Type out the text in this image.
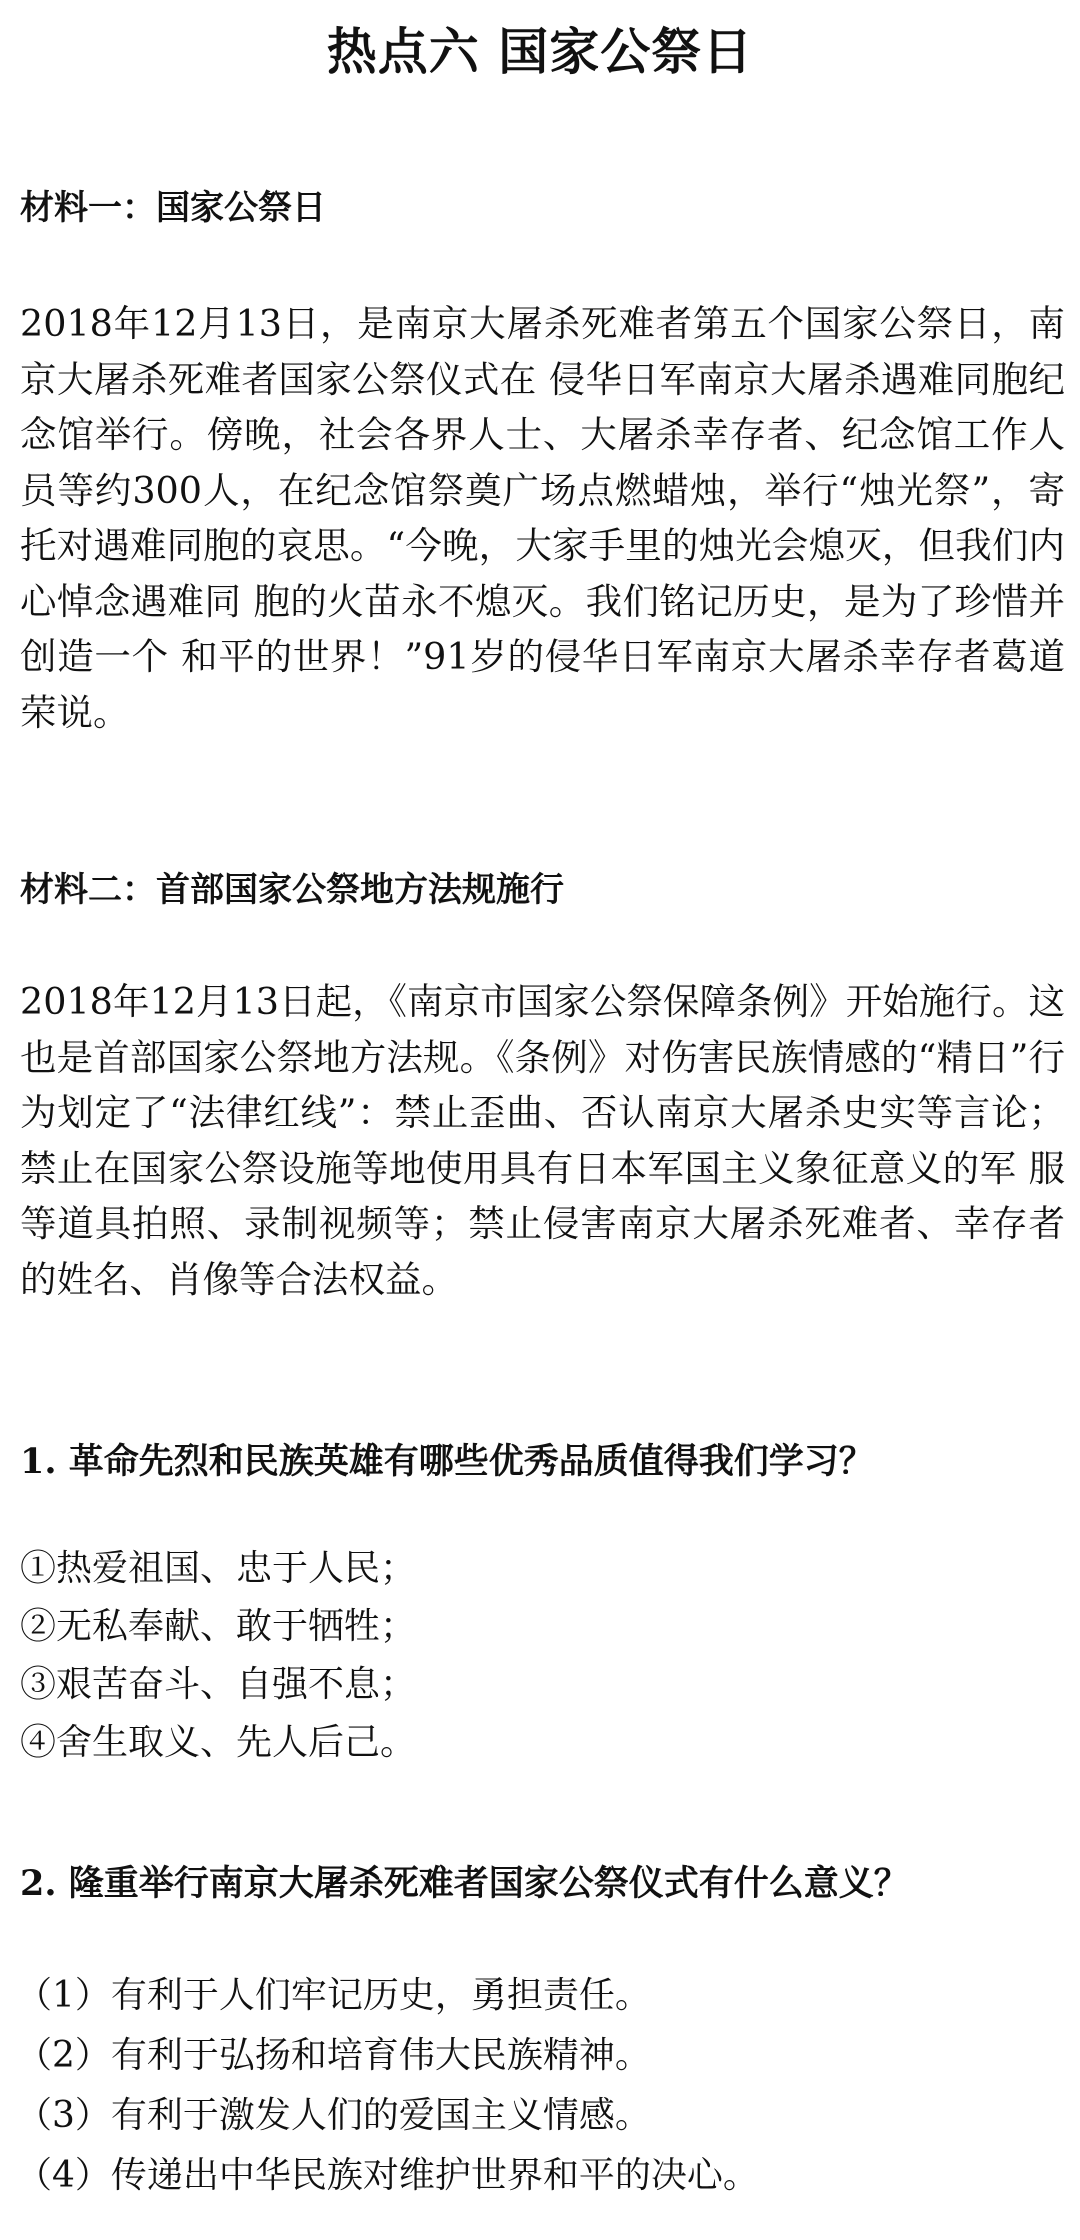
热点六 国家公祭日
材料一：国家公祭日
2018年12月13日，是南京大屠杀死难者第五个国家公祭日，南京大屠杀死难者国家公祭仪式在 侵华日军南京大屠杀遇难同胞纪念馆举行。傍晚，社会各界人士、大屠杀幸存者、纪念馆工作人员等约300人，在纪念馆祭奠广场点燃蜡烛，举行“烛光祭”，寄托对遇难同胞的哀思。“今晚，大家手里的烛光会熄灭，但我们内心悼念遇难同 胞的火苗永不熄灭。我们铭记历史，是为了珍惜并创造一个 和平的世界！”91岁的侵华日军南京大屠杀幸存者葛道荣说。
材料二：首部国家公祭地方法规施行
2018年12月13日起，《南京市国家公祭保障条例》开始施行。这也是首部国家公祭地方法规。《条例》对伤害民族情感的“精日”行为划定了“法律红线”：禁止歪曲、否认南京大屠杀史实等言论；禁止在国家公祭设施等地使用具有日本军国主义象征意义的军 服等道具拍照、录制视频等；禁止侵害南京大屠杀死难者、幸存者的姓名、肖像等合法权益。
1. 革命先烈和民族英雄有哪些优秀品质值得我们学习？
①热爱祖国、忠于人民；
②无私奉献、敢于牺牲；
③艰苦奋斗、自强不息；
④舍生取义、先人后己。
2. 隆重举行南京大屠杀死难者国家公祭仪式有什么意义？
（1）有利于人们牢记历史，勇担责任。
（2）有利于弘扬和培育伟大民族精神。
（3）有利于激发人们的爱国主义情感。
（4）传递出中华民族对维护世界和平的决心。
